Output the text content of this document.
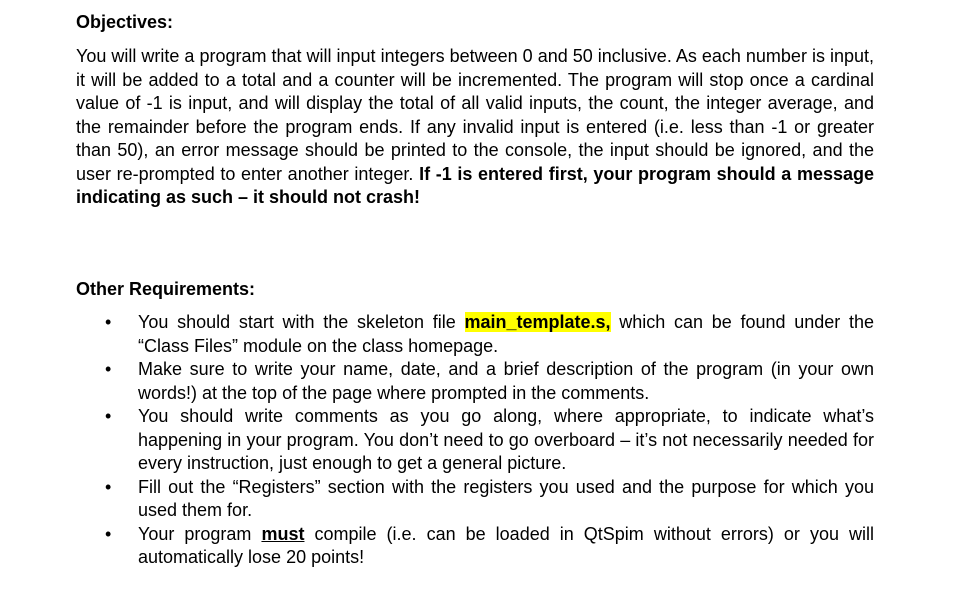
Objectives:

You will write a program that will input integers between 0 and 50 inclusive. As each number is input, it will be added to a total and a counter will be incremented. The program will stop once a cardinal value of -1 is input, and will display the total of all valid inputs, the count, the integer average, and the remainder before the program ends. If any invalid input is entered (i.e. less than -1 or greater than 50), an error message should be printed to the console, the input should be ignored, and the user re-prompted to enter another integer. If -1 is entered first, your program should a message indicating as such – it should not crash!

Other Requirements:
• You should start with the skeleton file main_template.s, which can be found under the “Class Files” module on the class homepage.
• Make sure to write your name, date, and a brief description of the program (in your own words!) at the top of the page where prompted in the comments.
• You should write comments as you go along, where appropriate, to indicate what’s happening in your program. You don’t need to go overboard – it’s not necessarily needed for every instruction, just enough to get a general picture.
• Fill out the “Registers” section with the registers you used and the purpose for which you used them for.
• Your program must compile (i.e. can be loaded in QtSpim without errors) or you will automatically lose 20 points!
